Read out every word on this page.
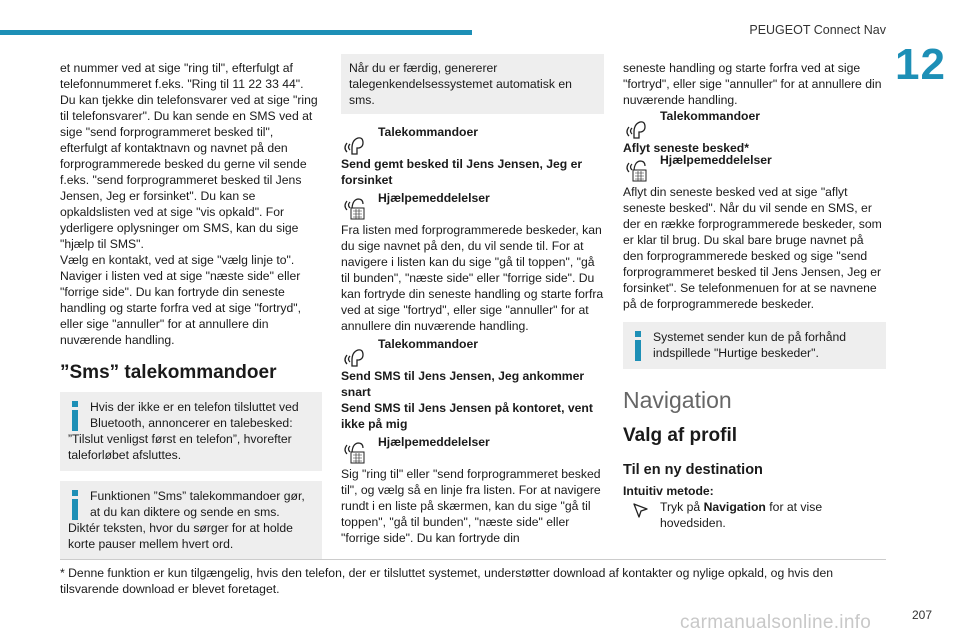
PEUGEOT Connect Nav
12

et nummer ved at sige "ring til", efterfulgt af telefonnummeret f.eks. "Ring til 11 22 33 44". Du kan tjekke din telefonsvarer ved at sige "ring til telefonsvarer". Du kan sende en SMS ved at sige "send forprogrammeret besked til", efterfulgt af kontaktnavn og navnet på den forprogrammerede besked du gerne vil sende f.eks. "send forprogrammeret besked til Jens Jensen, Jeg er forsinket". Du kan se opkaldslisten ved at sige "vis opkald". For yderligere oplysninger om SMS, kan du sige "hjælp til SMS".

Vælg en kontakt, ved at sige "vælg linje to". Naviger i listen ved at sige "næste side" eller "forrige side". Du kan fortryde din seneste handling og starte forfra ved at sige "fortryd", eller sige "annuller" for at annullere din nuværende handling.

”Sms” talekommandoer
Hvis der ikke er en telefon tilsluttet ved Bluetooth, annoncerer en talebesked: ”Tilslut venligst først en telefon”, hvorefter taleforløbet afsluttes.
Funktionen ”Sms” talekommandoer gør, at du kan diktere og sende en sms. Diktér teksten, hvor du sørger for at holde korte pauser mellem hvert ord.
Når du er færdig, genererer talegenkendelsessystemet automatisk en sms.
Talekommandoer

Send gemt besked til Jens Jensen, Jeg er forsinket

Hjælpemeddelelser

Fra listen med forprogrammerede beskeder, kan du sige navnet på den, du vil sende til. For at navigere i listen kan du sige "gå til toppen", "gå til bunden", "næste side" eller "forrige side". Du kan fortryde din seneste handling og starte forfra ved at sige "fortryd", eller sige "annuller" for at annullere din nuværende handling.

Talekommandoer

Send SMS til Jens Jensen, Jeg ankommer snart

Send SMS til Jens Jensen på kontoret, vent ikke på mig

Hjælpemeddelelser

Sig "ring til" eller "send forprogrammeret besked til", og vælg så en linje fra listen. For at navigere rundt i en liste på skærmen, kan du sige "gå til toppen", "gå til bunden", "næste side" eller "forrige side". Du kan fortryde din

seneste handling og starte forfra ved at sige "fortryd", eller sige "annuller" for at annullere din nuværende handling.

Talekommandoer

Aflyt seneste besked*

Hjælpemeddelelser

Aflyt din seneste besked ved at sige "aflyt seneste besked". Når du vil sende en SMS, er der en række forprogrammerede beskeder, som er klar til brug. Du skal bare bruge navnet på den forprogrammerede besked og sige "send forprogrammeret besked til Jens Jensen, Jeg er forsinket". Se telefonmenuen for at se navnene på de forprogrammerede beskeder.

Systemet sender kun de på forhånd indspillede "Hurtige beskeder".
Navigation
Valg af profil
Til en ny destination

Intuitiv metode:

Tryk på Navigation for at vise hovedsiden.
* Denne funktion er kun tilgængelig, hvis den telefon, der er tilsluttet systemet, understøtter download af kontakter og nylige opkald, og hvis den tilsvarende download er blevet foretaget.
carmanualsonline.info	207
